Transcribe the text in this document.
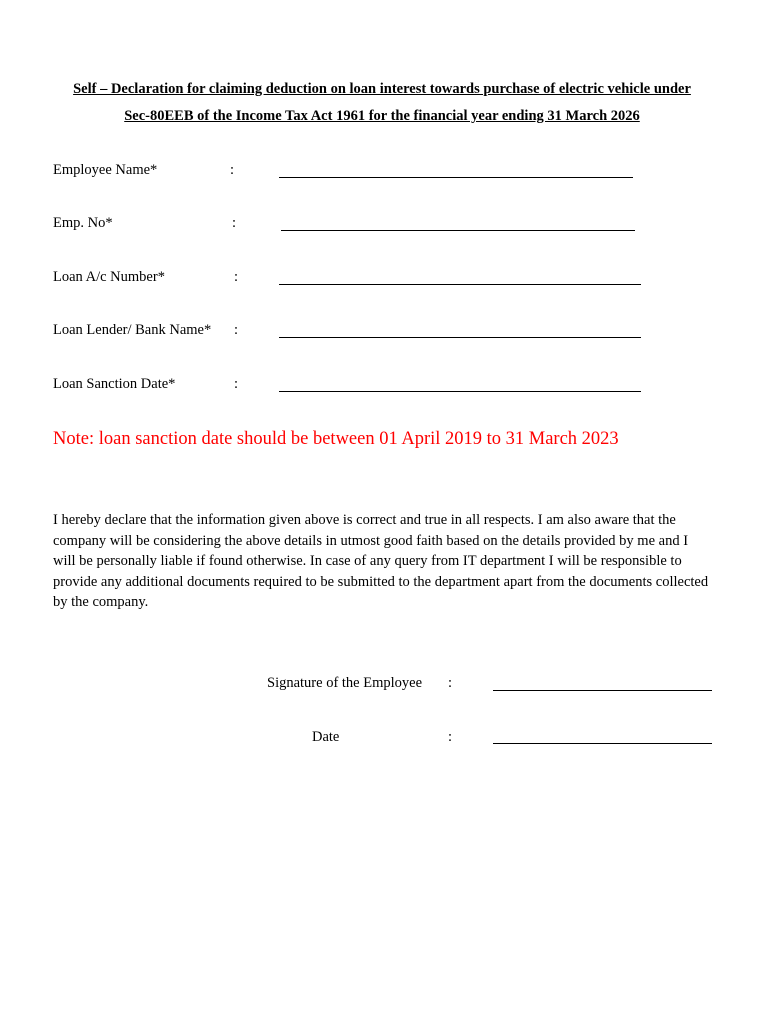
Self – Declaration for claiming deduction on loan interest towards purchase of electric vehicle under
Sec-80EEB of the Income Tax Act 1961 for the financial year ending 31 March 2026
Employee Name*	:
Emp. No*	:
Loan A/c Number*	:
Loan Lender/ Bank Name* :
Loan Sanction Date*	:
Note: loan sanction date should be between 01 April 2019 to 31 March 2023
I hereby declare that the information given above is correct and true in all respects. I am also aware that the company will be considering the above details in utmost good faith based on the details provided by me and I will be personally liable if found otherwise. In case of any query from IT department I will be responsible to provide any additional documents required to be submitted to the department apart from the documents collected by the company.
Signature of the Employee :
Date	:
